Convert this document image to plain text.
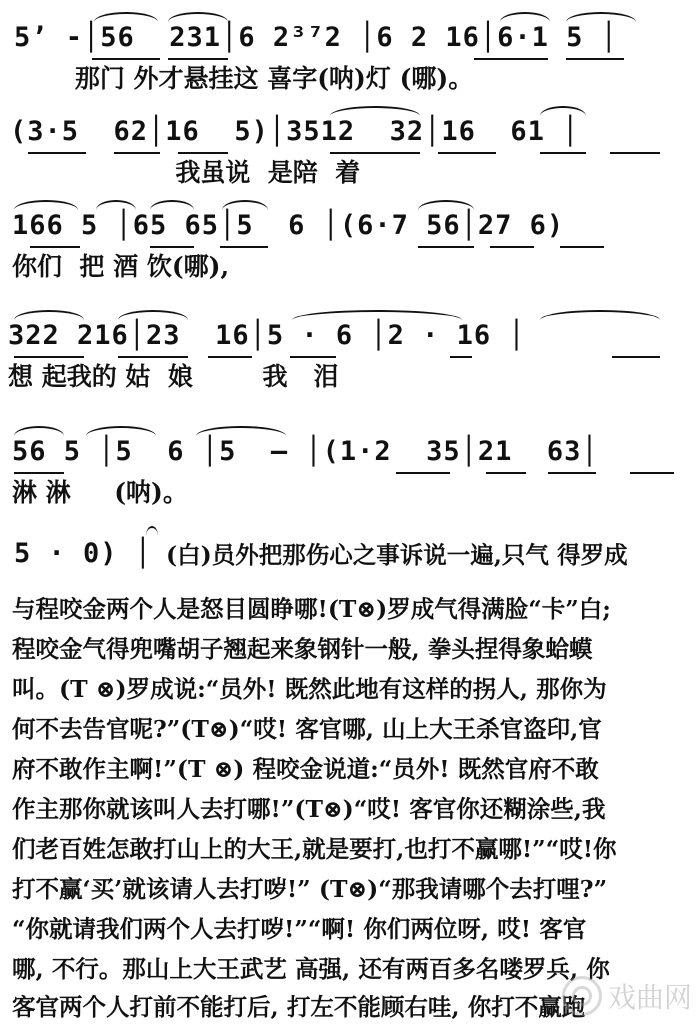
5ʼ -│56  231│6 2³⁷2 │6 2 16│6·1 5 │
那门 外才悬挂这 喜字(呐)灯 (哪)。
(3·5  62│16  5)│3512  32│16  61 │
我虽说  是陪  着
166 5 │65 65│5  6 │(6·7 56│27 6)
你们  把 酒 饮(哪),
322 216│23  16│5 · 6 │2 · 16 │
想 起我的 姑  娘        我   泪
56 5 │5  6 │5  – │(1·2  35│21  63│
淋 淋     (呐)。
5 · 0) │ (白)员外把那伤心之事诉说一遍,只气 得罗成
与程咬金两个人是怒目圆睁哪!(T⊗)罗成气得满脸“卡”白;
程咬金气得兜嘴胡子翘起来象钢针一般, 拳头捏得象蛤蟆
叫。(T ⊗)罗成说:“员外! 既然此地有这样的拐人, 那你为
何不去告官呢?”(T⊗)“哎! 客官哪, 山上大王杀官盗印,官
府不敢作主啊!”(T ⊗) 程咬金说道:“员外! 既然官府不敢
作主那你就该叫人去打哪!”(T⊗)“哎! 客官你还糊涂些,我
们老百姓怎敢打山上的大王,就是要打,也打不赢哪!”“哎!你
打不赢‘买’就该请人去打哕!” (T⊗)“那我请哪个去打哩?”
“你就请我们两个人去打哕!”“啊! 你们两位呀, 哎! 客官
哪, 不行。那山上大王武艺 高强, 还有两百多名喽罗兵, 你
客官两个人打前不能打后, 打左不能顾右哇, 你打不赢跑 戏曲网
